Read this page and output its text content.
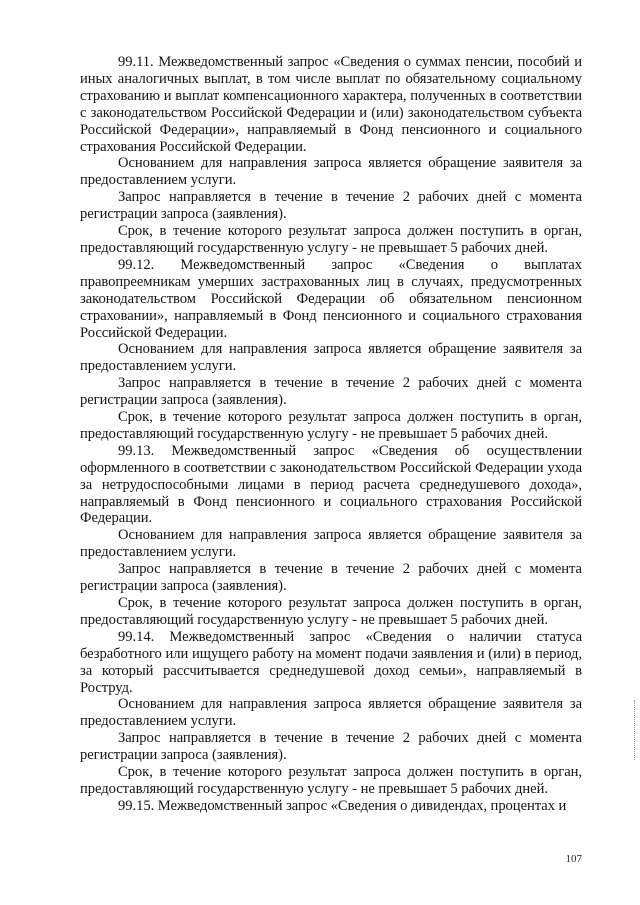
99.11. Межведомственный запрос «Сведения о суммах пенсии, пособий и иных аналогичных выплат, в том числе выплат по обязательному социальному страхованию и выплат компенсационного характера, полученных в соответствии с законодательством Российской Федерации и (или) законодательством субъекта Российской Федерации», направляемый в Фонд пенсионного и социального страхования Российской Федерации.

Основанием для направления запроса является обращение заявителя за предоставлением услуги.

Запрос направляется в течение в течение 2 рабочих дней с момента регистрации запроса (заявления).

Срок, в течение которого результат запроса должен поступить в орган, предоставляющий государственную услугу - не превышает 5 рабочих дней.

99.12. Межведомственный запрос «Сведения о выплатах правопреемникам умерших застрахованных лиц в случаях, предусмотренных законодательством Российской Федерации об обязательном пенсионном страховании», направляемый в Фонд пенсионного и социального страхования Российской Федерации.

Основанием для направления запроса является обращение заявителя за предоставлением услуги.

Запрос направляется в течение в течение 2 рабочих дней с момента регистрации запроса (заявления).

Срок, в течение которого результат запроса должен поступить в орган, предоставляющий государственную услугу - не превышает 5 рабочих дней.

99.13. Межведомственный запрос «Сведения об осуществлении оформленного в соответствии с законодательством Российской Федерации ухода за нетрудоспособными лицами в период расчета среднедушевого дохода», направляемый в Фонд пенсионного и социального страхования Российской Федерации.

Основанием для направления запроса является обращение заявителя за предоставлением услуги.

Запрос направляется в течение в течение 2 рабочих дней с момента регистрации запроса (заявления).

Срок, в течение которого результат запроса должен поступить в орган, предоставляющий государственную услугу - не превышает 5 рабочих дней.

99.14. Межведомственный запрос «Сведения о наличии статуса безработного или ищущего работу на момент подачи заявления и (или) в период, за который рассчитывается среднедушевой доход семьи», направляемый в Роструд.

Основанием для направления запроса является обращение заявителя за предоставлением услуги.

Запрос направляется в течение в течение 2 рабочих дней с момента регистрации запроса (заявления).

Срок, в течение которого результат запроса должен поступить в орган, предоставляющий государственную услугу - не превышает 5 рабочих дней.

99.15. Межведомственный запрос «Сведения о дивидендах, процентах и

107
